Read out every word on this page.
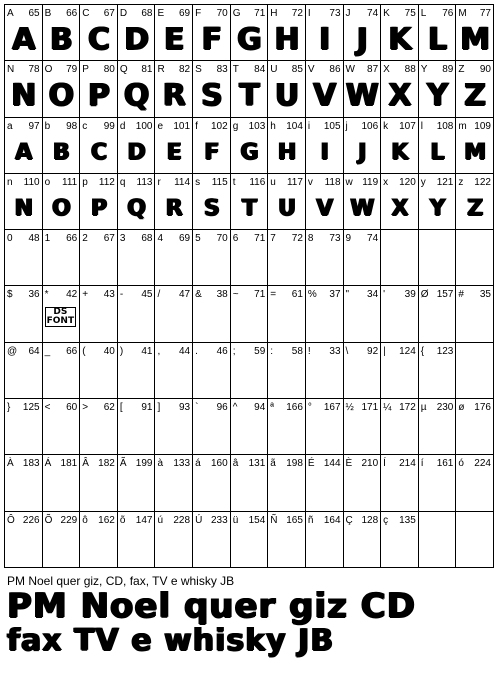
A 65
A
B 66
B
C 67
C
D 68
D
E 69
E
F 70
F
G 71
G
H 72
H
I 73
I
J 74
J
K 75
K
L 76
L
M 77
M
N 78
N
O 79
O
P 80
P
Q 81
Q
R 82
R
S 83
S
T 84
T
U 85
U
V 86
V
W 87
W
X 88
X
Y 89
Y
Z 90
Z
a 97
A
b 98
B
c 99
C
d 100
D
e 101
E
f 102
F
g 103
G
h 104
H
i 105
I
j 106
J
k 107
K
l 108
L
m 109
M
n 110
N
o 111
O
p 112
P
q 113
Q
r 114
R
s 115
S
t 116
T
u 117
U
v 118
V
w 119
W
x 120
X
y 121
Y
z 122
Z
0 48 1 66 2 67 3 68 4 69 5 70 6 71 7 72 8 73 9 74
$ 36 * 42
DS
FONT
+ 43 - 45 / 47 & 38 ~ 71 = 61 % 37 " 34 ' 39 Ø 157 # 35
@ 64 _ 66 ( 40 ) 41 , 44 . 46 ; 59 : 58 ! 33 \ 92 | 124 { 123
} 125 < 60 > 62 [ 91 ] 93 ` 96 ^ 94 ª 166 ° 167 ½ 171 ¼ 172 µ 230 ø 176
À 183 Á 181 Â 182 Ã 199 à 133 á 160 â 131 ã 198 É 144 È 210 Í 214 í 161 ó 224
Ô 226 Õ 229 ô 162 õ 147 ú 228 Ú 233 ü 154 Ñ 165 ñ 164 Ç 128 ç 135
PM Noel quer giz, CD, fax, TV e whisky JB
PM Noel quer giz CD
fax TV e whisky JB
